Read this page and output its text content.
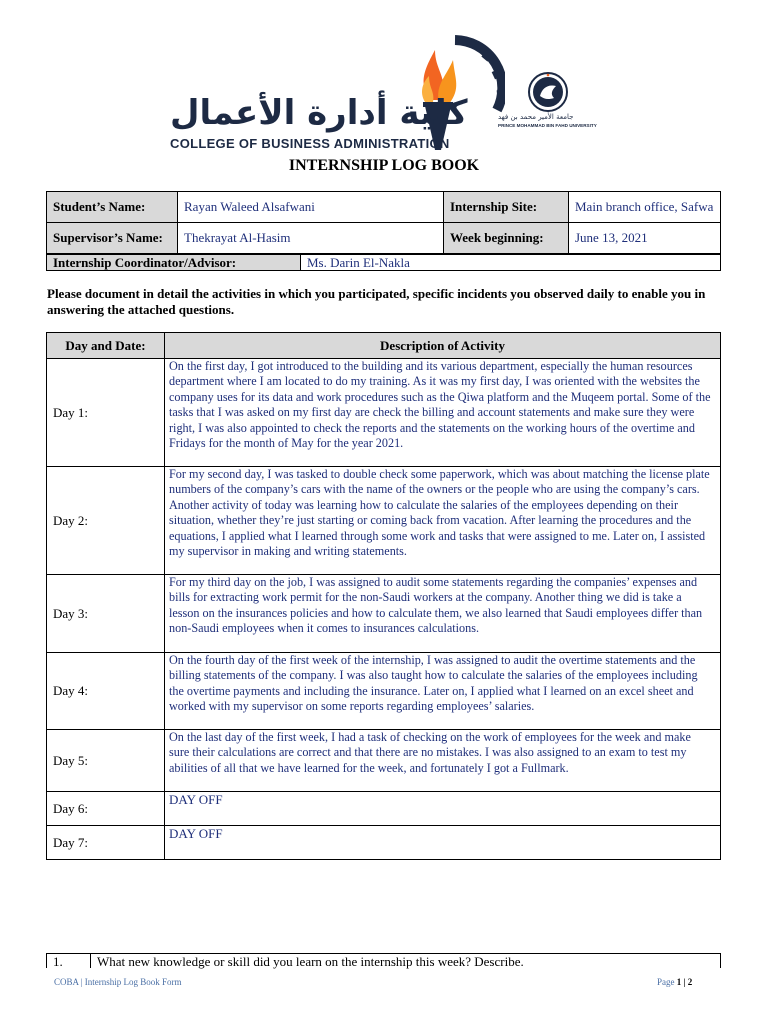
كلية أدارة الأعمال
COLLEGE OF BUSINESS ADMINISTRATION
جامعة الأمير محمد بن فهد
PRINCE MOHAMMAD BIN FAHD UNIVERSITY
INTERNSHIP LOG BOOK
Student’s Name:	Rayan Waleed Alsafwani	Internship Site:	Main branch office, Safwa
Supervisor’s Name:	Thekrayat Al-Hasim	Week beginning:	June 13, 2021
Internship Coordinator/Advisor:	Ms. Darin El-Nakla
Please document in detail the activities in which you participated, specific incidents you observed daily to enable you in answering the attached questions.
Day and Date:	Description of Activity
Day 1:	On the first day, I got introduced to the building and its various department, especially the human resources department where I am located to do my training. As it was my first day, I was oriented with the websites the company uses for its data and work procedures such as the Qiwa platform and the Muqeem portal. Some of the tasks that I was asked on my first day are check the billing and account statements and make sure they were right, I was also appointed to check the reports and the statements on the working hours of the overtime and Fridays for the month of May for the year 2021.
Day 2:	For my second day, I was tasked to double check some paperwork, which was about matching the license plate numbers of the company’s cars with the name of the owners or the people who are using the company’s cars. Another activity of today was learning how to calculate the salaries of the employees depending on their situation, whether they’re just starting or coming back from vacation. After learning the procedures and the equations, I applied what I learned through some work and tasks that were assigned to me. Later on, I assisted my supervisor in making and writing statements.
Day 3:	For my third day on the job, I was assigned to audit some statements regarding the companies’ expenses and bills for extracting work permit for the non-Saudi workers at the company. Another thing we did is take a lesson on the insurances policies and how to calculate them, we also learned that Saudi employees differ than non-Saudi employees when it comes to insurances calculations.
Day 4:	On the fourth day of the first week of the internship, I was assigned to audit the overtime statements and the billing statements of the company. I was also taught how to calculate the salaries of the employees including the overtime payments and including the insurance. Later on, I applied what I learned on an excel sheet and worked with my supervisor on some reports regarding employees’ salaries.
Day 5:	On the last day of the first week, I had a task of checking on the work of employees for the week and make sure their calculations are correct and that there are no mistakes. I was also assigned to an exam to test my abilities of all that we have learned for the week, and fortunately I got a Fullmark.
Day 6:	DAY OFF
Day 7:	DAY OFF
1.	What new knowledge or skill did you learn on the internship this week? Describe.
COBA | Internship Log Book Form	Page 1 | 2
